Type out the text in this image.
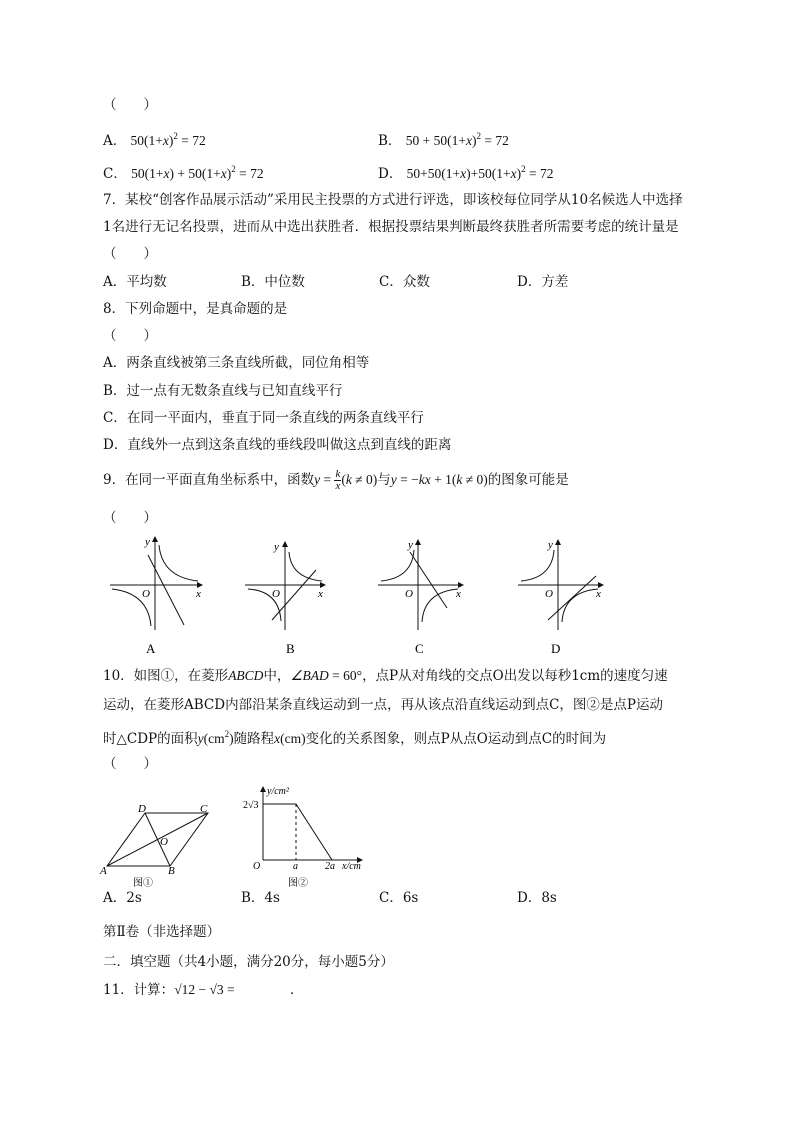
（　　）
A． $50(1+x)^2 = 72$	B． $50 + 50(1+x)^2 = 72$
C． $50(1+x) + 50(1+x)^2 = 72$	D． $50+50(1+x)+50(1+x)^2 = 72$
7．某校“创客作品展示活动”采用民主投票的方式进行评选，即该校每位同学从10名候选人中选择
1名进行无记名投票，进而从中选出获胜者．根据投票结果判断最终获胜者所需要考虑的统计量是
（　　）
A．平均数	B．中位数	C．众数	D．方差
8．下列命题中，是真命题的是
（　　）
A．两条直线被第三条直线所截，同位角相等
B．过一点有无数条直线与已知直线平行
C．在同一平面内，垂直于同一条直线的两条直线平行
D．直线外一点到这条直线的垂线段叫做这点到直线的距离
9．在同一平面直角坐标系中，函数$y = \frac{k}{x} (k \ne 0)$与y = −kx + 1(k ≠ 0)的图象可能是
（　　）
y
x
O
A
y
x
O
B
y
x
O
C
y
x
O
D
10．如图①，在菱形ABCD中，∠BAD = 60°，点P从对角线的交点O出发以每秒1cm的速度匀速
运动，在菱形ABCD内部沿某条直线运动到一点，再从该点沿直线运动到点C，图②是点P运动
时△CDP的面积$y(cm^2)$随路程x(cm)变化的关系图象，则点P从点O运动到点C的时间为
（　　）
A	B
C
D
O
图①
y/cm²
2√3
O	a	2a x/cm
图②
A．2s	B．4s	C．6s	D．8s
第Ⅱ卷（非选择题）
二．填空题（共4小题，满分20分，每小题5分）
11．计算：√12 − √3 =	．
